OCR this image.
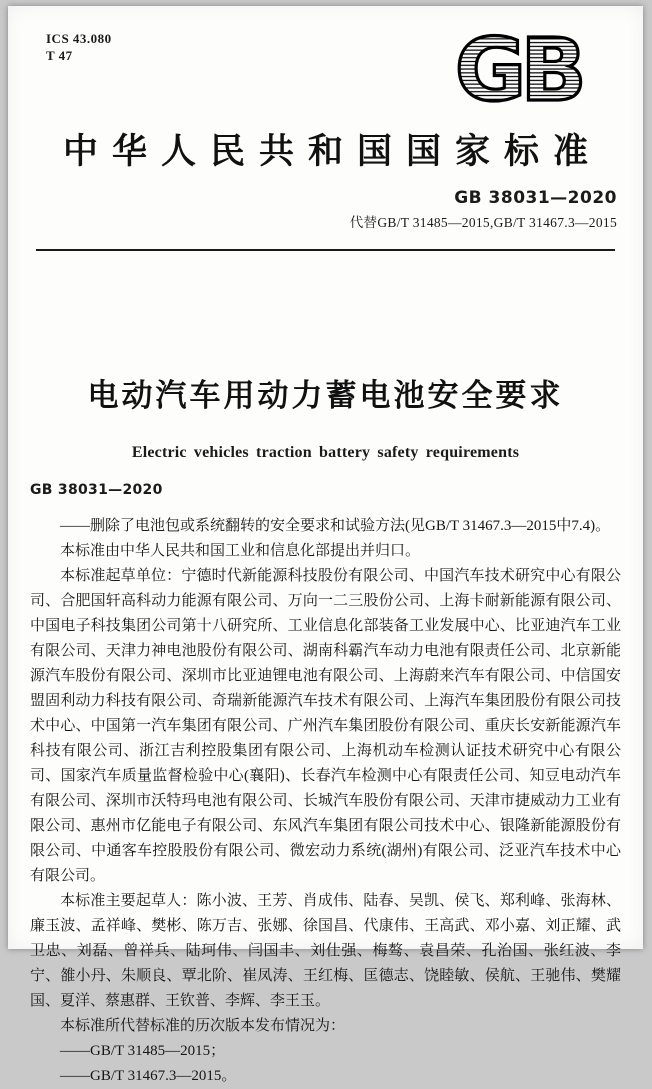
ICS 43.080
T 47	GB
中华人民共和国国家标准
GB 38031—2020
代替GB/T 31485—2015,GB/T 31467.3—2015
电动汽车用动力蓄电池安全要求
Electric vehicles traction battery safety requirements
GB 38031—2020

——删除了电池包或系统翻转的安全要求和试验方法(见GB/T 31467.3—2015中7.4)。

本标准由中华人民共和国工业和信息化部提出并归口。

本标准起草单位：宁德时代新能源科技股份有限公司、中国汽车技术研究中心有限公司、合肥国轩高科动力能源有限公司、万向一二三股份公司、上海卡耐新能源有限公司、中国电子科技集团公司第十八研究所、工业信息化部装备工业发展中心、比亚迪汽车工业有限公司、天津力神电池股份有限公司、湖南科霸汽车动力电池有限责任公司、北京新能源汽车股份有限公司、深圳市比亚迪锂电池有限公司、上海蔚来汽车有限公司、中信国安盟固利动力科技有限公司、奇瑞新能源汽车技术有限公司、上海汽车集团股份有限公司技术中心、中国第一汽车集团有限公司、广州汽车集团股份有限公司、重庆长安新能源汽车科技有限公司、浙江吉利控股集团有限公司、上海机动车检测认证技术研究中心有限公司、国家汽车质量监督检验中心(襄阳)、长春汽车检测中心有限责任公司、知豆电动汽车有限公司、深圳市沃特玛电池有限公司、长城汽车股份有限公司、天津市捷威动力工业有限公司、惠州市亿能电子有限公司、东风汽车集团有限公司技术中心、银隆新能源股份有限公司、中通客车控股股份有限公司、微宏动力系统(湖州)有限公司、泛亚汽车技术中心有限公司。

本标准主要起草人：陈小波、王芳、肖成伟、陆春、吴凯、侯飞、郑利峰、张海林、廉玉波、孟祥峰、樊彬、陈万吉、张娜、徐国昌、代康伟、王高武、邓小嘉、刘正耀、武卫忠、刘磊、曾祥兵、陆珂伟、闫国丰、刘仕强、梅骜、袁昌荣、孔治国、张红波、李宁、雒小丹、朱顺良、覃北阶、崔凤涛、王红梅、匡德志、饶睦敏、侯航、王驰伟、樊耀国、夏洋、蔡惠群、王钦普、李辉、李王玉。

本标准所代替标准的历次版本发布情况为：

——GB/T 31485—2015；

——GB/T 31467.3—2015。
